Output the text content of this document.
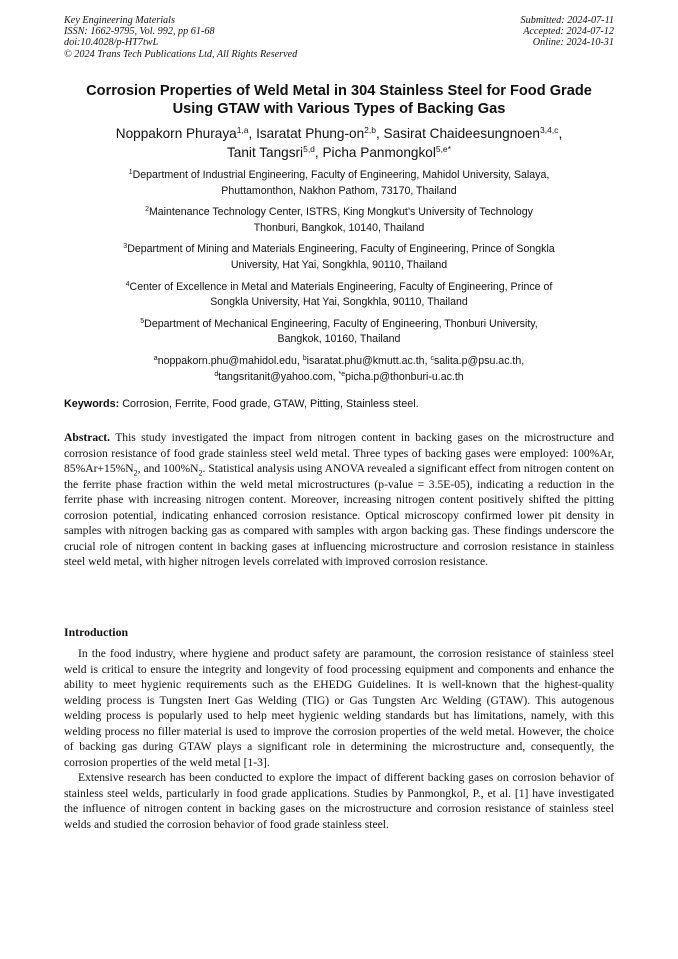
Key Engineering Materials
ISSN: 1662-9795, Vol. 992, pp 61-68
doi:10.4028/p-HT7twL
© 2024 Trans Tech Publications Ltd, All Rights Reserved
Submitted: 2024-07-11
Accepted: 2024-07-12
Online: 2024-10-31
Corrosion Properties of Weld Metal in 304 Stainless Steel for Food Grade Using GTAW with Various Types of Backing Gas
Noppakorn Phuraya$^{1,a}$, Isaratat Phung-on$^{2,b}$, Sasirat Chaideesungnoen$^{3,4,c}$,
Tanit Tangsri$^{5,d}$, Picha Panmongkol$^{5,e*}$
$^1$Department of Industrial Engineering, Faculty of Engineering, Mahidol University, Salaya,
Phuttamonthon, Nakhon Pathom, 73170, Thailand
$^2$Maintenance Technology Center, ISTRS, King Mongkut’s University of Technology
Thonburi, Bangkok, 10140, Thailand
$^3$Department of Mining and Materials Engineering, Faculty of Engineering, Prince of Songkla
University, Hat Yai, Songkhla, 90110, Thailand
$^4$Center of Excellence in Metal and Materials Engineering, Faculty of Engineering, Prince of
Songkla University, Hat Yai, Songkhla, 90110, Thailand
$^5$Department of Mechanical Engineering, Faculty of Engineering, Thonburi University,
Bangkok, 10160, Thailand
$^a$noppakorn.phu@mahidol.edu, $^b$isaratat.phu@kmutt.ac.th, $^c$salita.p@psu.ac.th,
$^d$tangsritanit@yahoo.com, $^{*e}$picha.p@thonburi-u.ac.th
Keywords: Corrosion, Ferrite, Food grade, GTAW, Pitting, Stainless steel.
Abstract. This study investigated the impact from nitrogen content in backing gases on the microstructure and corrosion resistance of food grade stainless steel weld metal. Three types of backing gases were employed: 100%Ar, $85\%Ar+15\%N_2$, and $100\%N_2$. Statistical analysis using ANOVA revealed a significant effect from nitrogen content on the ferrite phase fraction within the weld metal microstructures (p-value = 3.5E-05), indicating a reduction in the ferrite phase with increasing nitrogen content. Moreover, increasing nitrogen content positively shifted the pitting corrosion potential, indicating enhanced corrosion resistance. Optical microscopy confirmed lower pit density in samples with nitrogen backing gas as compared with samples with argon backing gas. These findings underscore the crucial role of nitrogen content in backing gases at influencing microstructure and corrosion resistance in stainless steel weld metal, with higher nitrogen levels correlated with improved corrosion resistance.
Introduction

In the food industry, where hygiene and product safety are paramount, the corrosion resistance of stainless steel weld is critical to ensure the integrity and longevity of food processing equipment and components and enhance the ability to meet hygienic requirements such as the EHEDG Guidelines. It is well-known that the highest-quality welding process is Tungsten Inert Gas Welding (TIG) or Gas Tungsten Arc Welding (GTAW). This autogenous welding process is popularly used to help meet hygienic welding standards but has limitations, namely, with this welding process no filler material is used to improve the corrosion properties of the weld metal. However, the choice of backing gas during GTAW plays a significant role in determining the microstructure and, consequently, the corrosion properties of the weld metal [1-3].

Extensive research has been conducted to explore the impact of different backing gases on corrosion behavior of stainless steel welds, particularly in food grade applications. Studies by Panmongkol, P., et al. [1] have investigated the influence of nitrogen content in backing gases on the microstructure and corrosion resistance of stainless steel welds and studied the corrosion behavior of food grade stainless steel.
